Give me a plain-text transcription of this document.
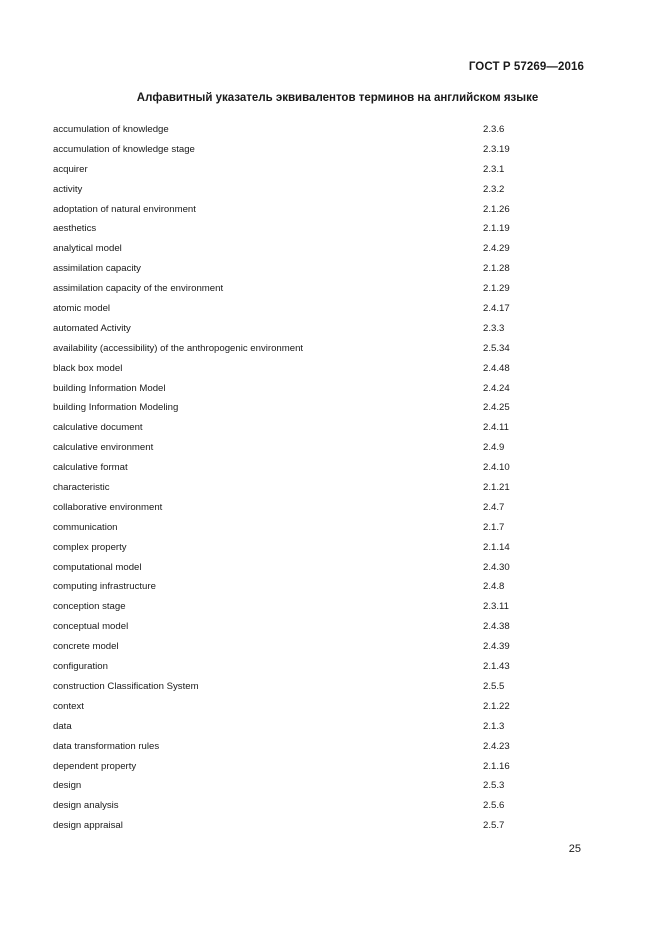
ГОСТ Р 57269—2016
Алфавитный указатель эквивалентов терминов на английском языке
accumulation of knowledge	2.3.6
accumulation of knowledge stage	2.3.19
acquirer	2.3.1
activity	2.3.2
adoptation of natural environment	2.1.26
aesthetics	2.1.19
analytical model	2.4.29
assimilation capacity	2.1.28
assimilation capacity of the environment	2.1.29
atomic model	2.4.17
automated Activity	2.3.3
availability (accessibility) of the anthropogenic environment	2.5.34
black box model	2.4.48
building Information Model	2.4.24
building Information Modeling	2.4.25
calculative document	2.4.11
calculative environment	2.4.9
calculative format	2.4.10
characteristic	2.1.21
collaborative environment	2.4.7
communication	2.1.7
complex property	2.1.14
computational model	2.4.30
computing infrastructure	2.4.8
conception stage	2.3.11
conceptual model	2.4.38
concrete model	2.4.39
configuration	2.1.43
construction Classification System	2.5.5
context	2.1.22
data	2.1.3
data transformation rules	2.4.23
dependent property	2.1.16
design	2.5.3
design analysis	2.5.6
design appraisal	2.5.7
25
